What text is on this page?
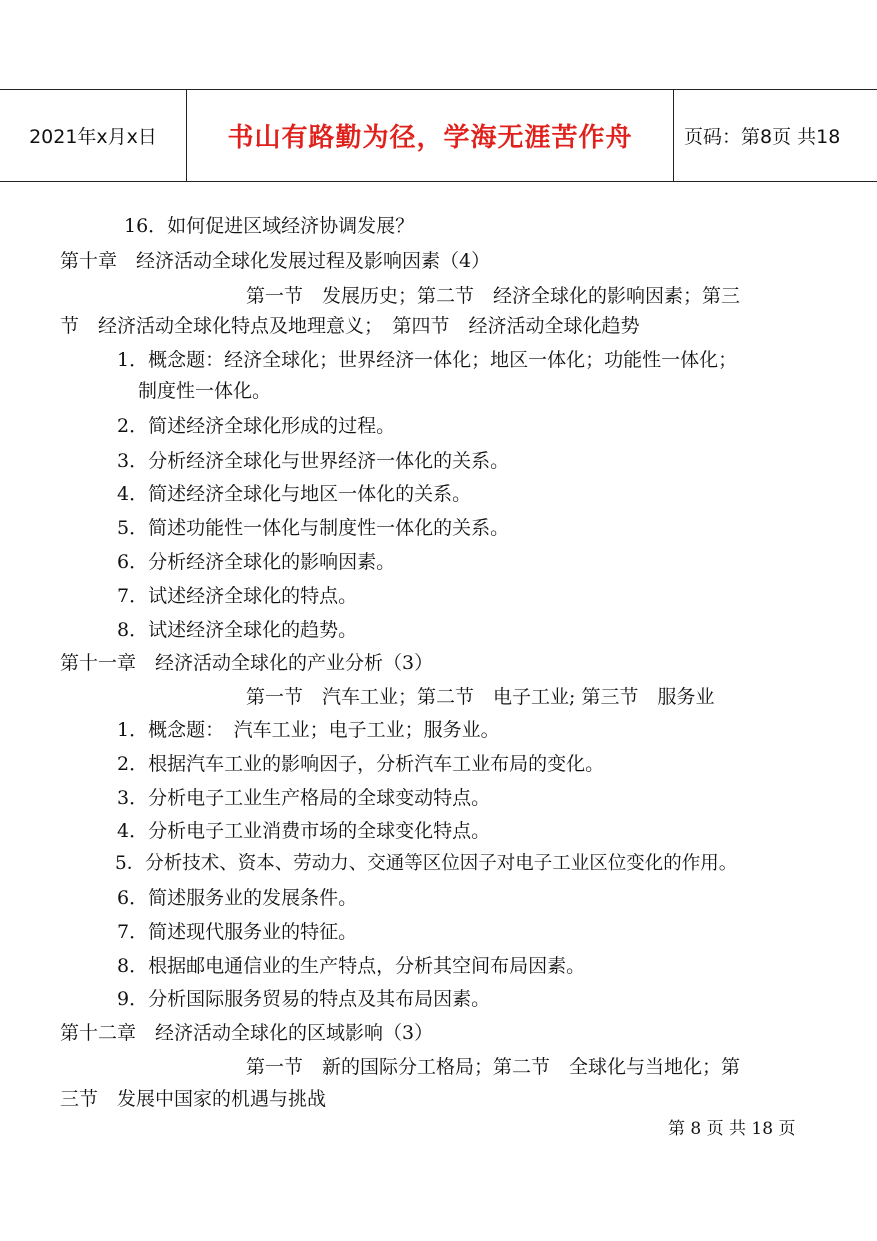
2021年x月x日	书山有路勤为径，学海无涯苦作舟	页码：第8页 共18
16．如何促进区域经济协调发展？
第十章　经济活动全球化发展过程及影响因素（4）
第一节　发展历史；第二节　经济全球化的影响因素；第三
节　经济活动全球化特点及地理意义；　第四节　经济活动全球化趋势
1．概念题：经济全球化；世界经济一体化；地区一体化；功能性一体化；
制度性一体化。
2．简述经济全球化形成的过程。
3．分析经济全球化与世界经济一体化的关系。
4．简述经济全球化与地区一体化的关系。
5．简述功能性一体化与制度性一体化的关系。
6．分析经济全球化的影响因素。
7．试述经济全球化的特点。
8．试述经济全球化的趋势。
第十一章　经济活动全球化的产业分析（3）
第一节　汽车工业；第二节　电子工业; 第三节　服务业
1．概念题：　汽车工业；电子工业；服务业。
2．根据汽车工业的影响因子，分析汽车工业布局的变化。
3．分析电子工业生产格局的全球变动特点。
4．分析电子工业消费市场的全球变化特点。
5．分析技术、资本、劳动力、交通等区位因子对电子工业区位变化的作用。
6．简述服务业的发展条件。
7．简述现代服务业的特征。
8．根据邮电通信业的生产特点，分析其空间布局因素。
9．分析国际服务贸易的特点及其布局因素。
第十二章　经济活动全球化的区域影响（3）
第一节　新的国际分工格局；第二节　全球化与当地化；第
三节　发展中国家的机遇与挑战
第 8 页 共 18 页
